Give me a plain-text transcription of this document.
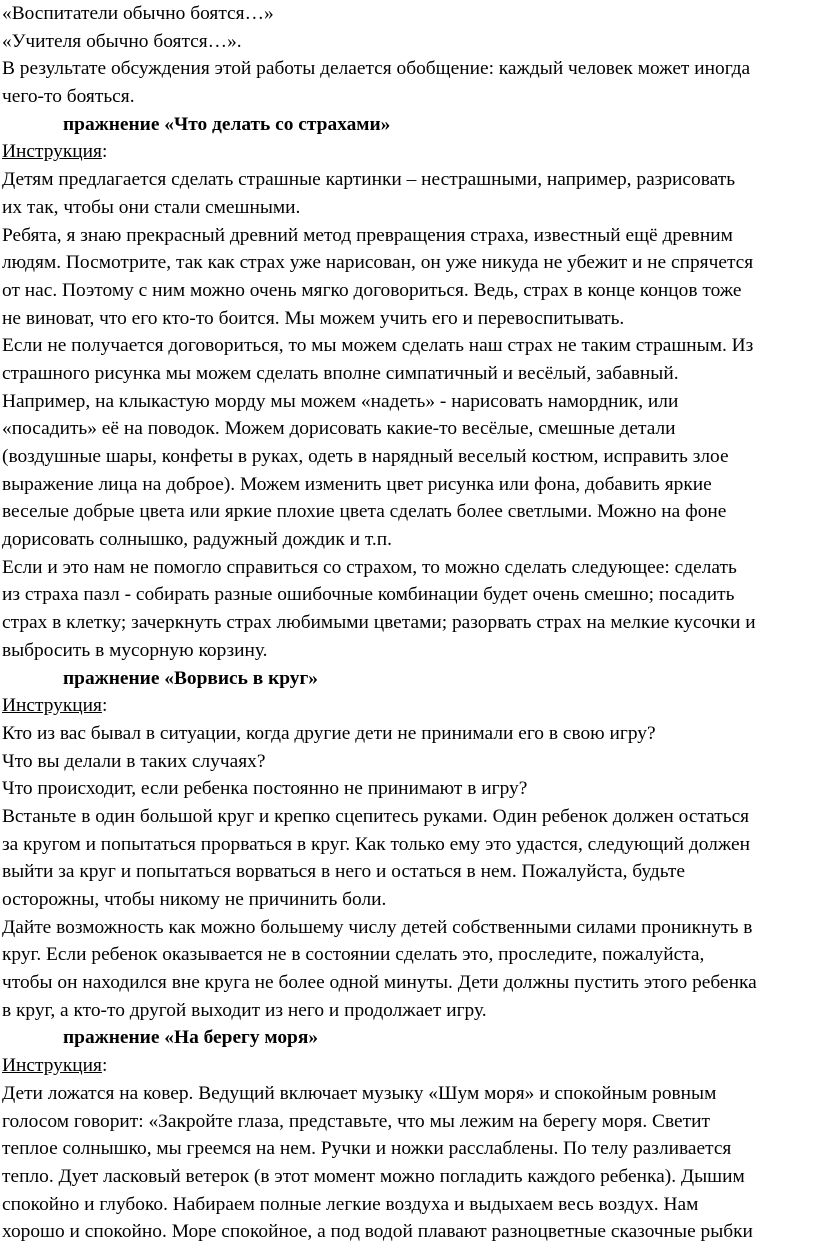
«Воспитатели обычно боятся…»
«Учителя обычно боятся…».
В результате обсуждения этой работы делается обобщение: каждый человек может иногда
чего-то бояться.
пражнение «Что делать со страхами»
Инструкция:
Детям предлагается сделать страшные картинки – нестрашными, например, разрисовать
их так, чтобы они стали смешными.
Ребята, я знаю прекрасный древний метод превращения страха, известный ещё древним
людям. Посмотрите, так как страх уже нарисован, он уже никуда не убежит и не спрячется
от нас. Поэтому с ним можно очень мягко договориться. Ведь, страх в конце концов тоже
не виноват, что его кто-то боится. Мы можем учить его и перевоспитывать.
Если не получается договориться, то мы можем сделать наш страх не таким страшным. Из
страшного рисунка мы можем сделать вполне симпатичный и весёлый, забавный.
Например, на клыкастую морду мы можем «надеть» - нарисовать намордник, или
«посадить» её на поводок. Можем дорисовать какие-то весёлые, смешные детали
(воздушные шары, конфеты в руках, одеть в нарядный веселый костюм, исправить злое
выражение лица на доброе). Можем изменить цвет рисунка или фона, добавить яркие
веселые добрые цвета или яркие плохие цвета сделать более светлыми. Можно на фоне
дорисовать солнышко, радужный дождик и т.п.
Если и это нам не помогло справиться со страхом, то можно сделать следующее: сделать
из страха пазл - собирать разные ошибочные комбинации будет очень смешно; посадить
страх в клетку; зачеркнуть страх любимыми цветами; разорвать страх на мелкие кусочки и
выбросить в мусорную корзину.
пражнение «Ворвись в круг»
Инструкция:
Кто из вас бывал в ситуации, когда другие дети не принимали его в свою игру?
Что вы делали в таких случаях?
Что происходит, если ребенка постоянно не принимают в игру?
Встаньте в один большой круг и крепко сцепитесь руками. Один ребенок должен остаться
за кругом и попытаться прорваться в круг. Как только ему это удастся, следующий должен
выйти за круг и попытаться ворваться в него и остаться в нем. Пожалуйста, будьте
осторожны, чтобы никому не причинить боли.
Дайте возможность как можно большему числу детей собственными силами проникнуть в
круг. Если ребенок оказывается не в состоянии сделать это, проследите, пожалуйста,
чтобы он находился вне круга не более одной минуты. Дети должны пустить этого ребенка
в круг, а кто-то другой выходит из него и продолжает игру.
пражнение «На берегу моря»
Инструкция:
Дети ложатся на ковер. Ведущий включает музыку «Шум моря» и спокойным ровным
голосом говорит: «Закройте глаза, представьте, что мы лежим на берегу моря. Светит
теплое солнышко, мы греемся на нем. Ручки и ножки расслаблены. По телу разливается
тепло. Дует ласковый ветерок (в этот момент можно погладить каждого ребенка). Дышим
спокойно и глубоко. Набираем полные легкие воздуха и выдыхаем весь воздух. Нам
хорошо и спокойно. Море спокойное, а под водой плавают разноцветные сказочные рыбки
